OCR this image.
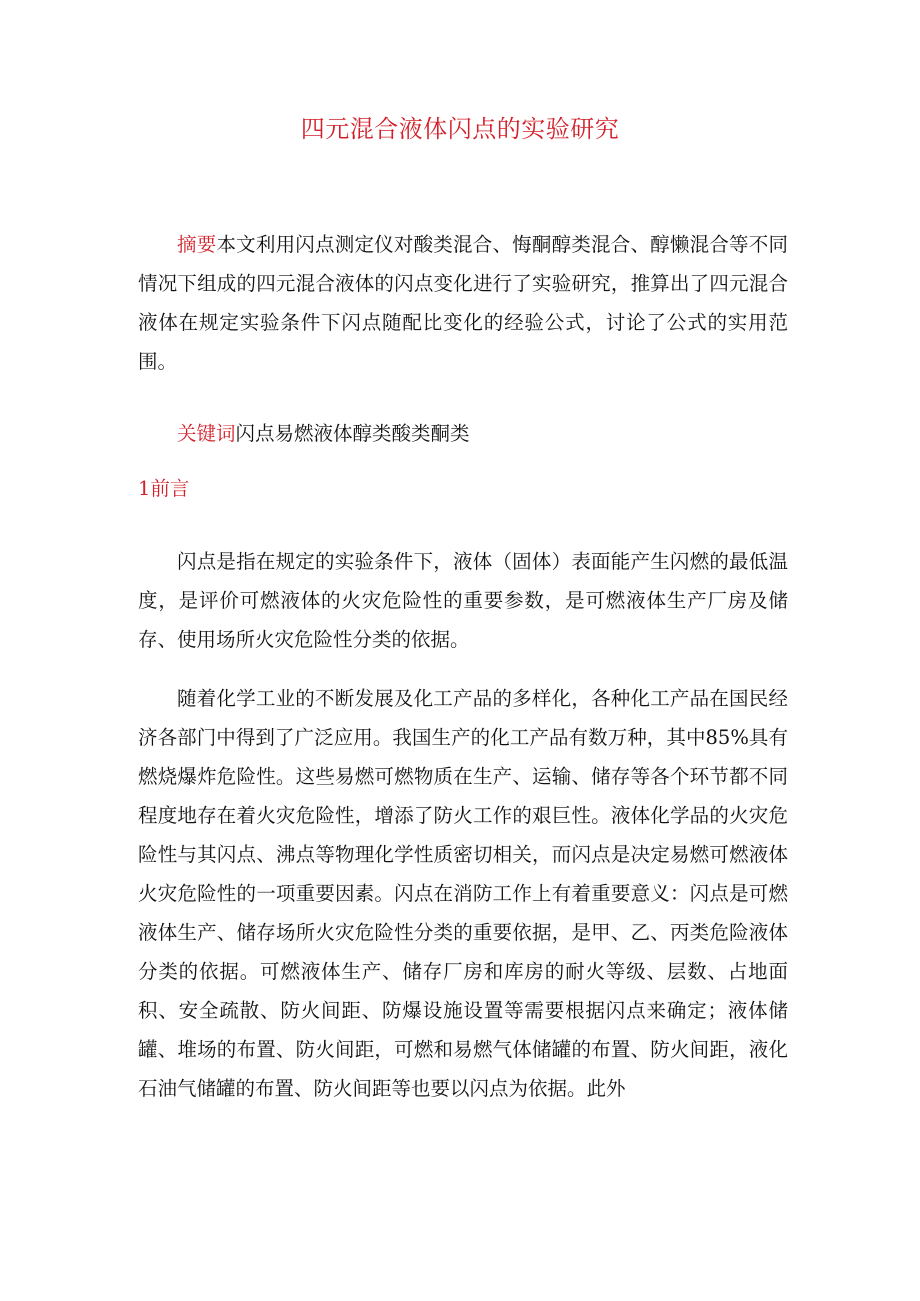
四元混合液体闪点的实验研究

摘要本文利用闪点测定仪对酸类混合、悔酮醇类混合、醇懒混合等不同情况下组成的四元混合液体的闪点变化进行了实验研究，推算出了四元混合液体在规定实验条件下闪点随配比变化的经验公式，讨论了公式的实用范围。

关键词闪点易燃液体醇类酸类酮类

1前言

闪点是指在规定的实验条件下，液体（固体）表面能产生闪燃的最低温度，是评价可燃液体的火灾危险性的重要参数，是可燃液体生产厂房及储存、使用场所火灾危险性分类的依据。

随着化学工业的不断发展及化工产品的多样化，各种化工产品在国民经济各部门中得到了广泛应用。我国生产的化工产品有数万种，其中85%具有燃烧爆炸危险性。这些易燃可燃物质在生产、运输、储存等各个环节都不同程度地存在着火灾危险性，增添了防火工作的艰巨性。液体化学品的火灾危险性与其闪点、沸点等物理化学性质密切相关，而闪点是决定易燃可燃液体火灾危险性的一项重要因素。闪点在消防工作上有着重要意义：闪点是可燃液体生产、储存场所火灾危险性分类的重要依据，是甲、乙、丙类危险液体分类的依据。可燃液体生产、储存厂房和库房的耐火等级、层数、占地面积、安全疏散、防火间距、防爆设施设置等需要根据闪点来确定；液体储罐、堆场的布置、防火间距，可燃和易燃气体储罐的布置、防火间距，液化石油气储罐的布置、防火间距等也要以闪点为依据。此外
